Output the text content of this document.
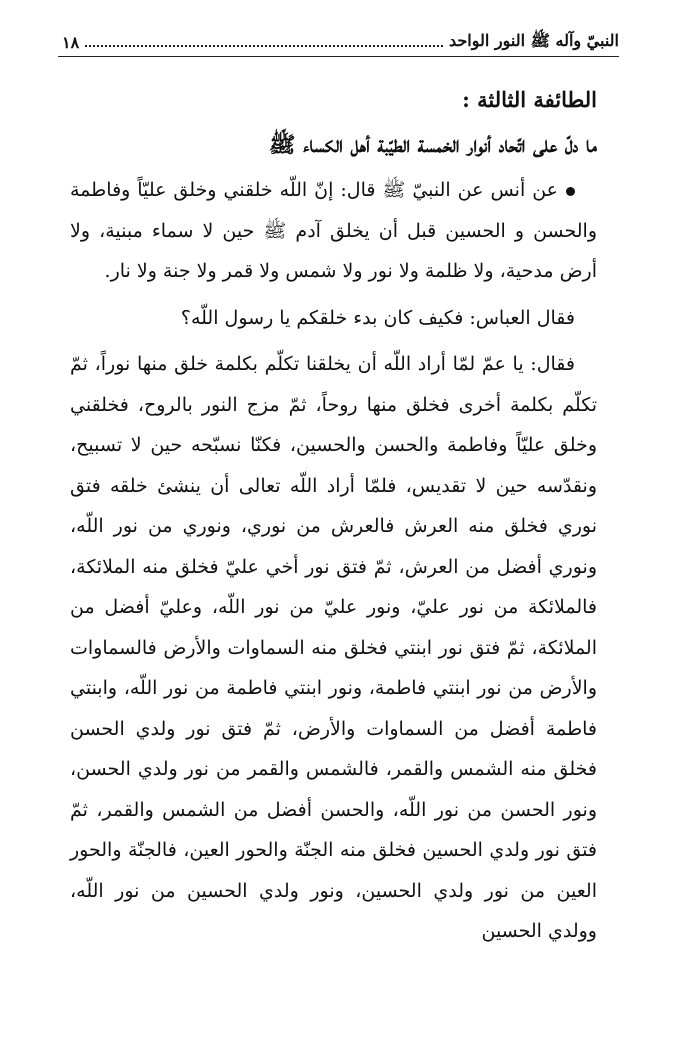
النبيّ وآله ﷺ النور الواحد
١٨
الطائفة الثالثة :
ما دلّ على اتّحاد أنوار الخمسة الطيّبة أهل الكساء ﷺ

عن أنس عن النبيّ ﷺ قال: إنّ اللّه خلقني وخلق عليّاً وفاطمة والحسن و الحسين قبل أن يخلق آدم ﷺ حين لا سماء مبنية، ولا أرض مدحية، ولا ظلمة ولا نور ولا شمس ولا قمر ولا جنة ولا نار.

فقال العباس: فكيف كان بدء خلقكم يا رسول اللّه؟

فقال: يا عمّ لمّا أراد اللّه أن يخلقنا تكلّم بكلمة خلق منها نوراً، ثمّ تكلّم بكلمة أخرى فخلق منها روحاً، ثمّ مزج النور بالروح، فخلقني وخلق عليّاً وفاطمة والحسن والحسين، فكنّا نسبّحه حين لا تسبيح، ونقدّسه حين لا تقديس، فلمّا أراد اللّه تعالى أن ينشئ خلقه فتق نوري فخلق منه العرش فالعرش من نوري، ونوري من نور اللّه، ونوري أفضل من العرش، ثمّ فتق نور أخي عليّ فخلق منه الملائكة، فالملائكة من نور عليّ، ونور عليّ من نور اللّه، وعليّ أفضل من الملائكة، ثمّ فتق نور ابنتي فخلق منه السماوات والأرض فالسماوات والأرض من نور ابنتي فاطمة، ونور ابنتي فاطمة من نور اللّه، وابنتي فاطمة أفضل من السماوات والأرض، ثمّ فتق نور ولدي الحسن فخلق منه الشمس والقمر، فالشمس والقمر من نور ولدي الحسن، ونور الحسن من نور اللّه، والحسن أفضل من الشمس والقمر، ثمّ فتق نور ولدي الحسين فخلق منه الجنّة والحور العين، فالجنّة والحور العين من نور ولدي الحسين، ونور ولدي الحسين من نور اللّه، وولدي الحسين
